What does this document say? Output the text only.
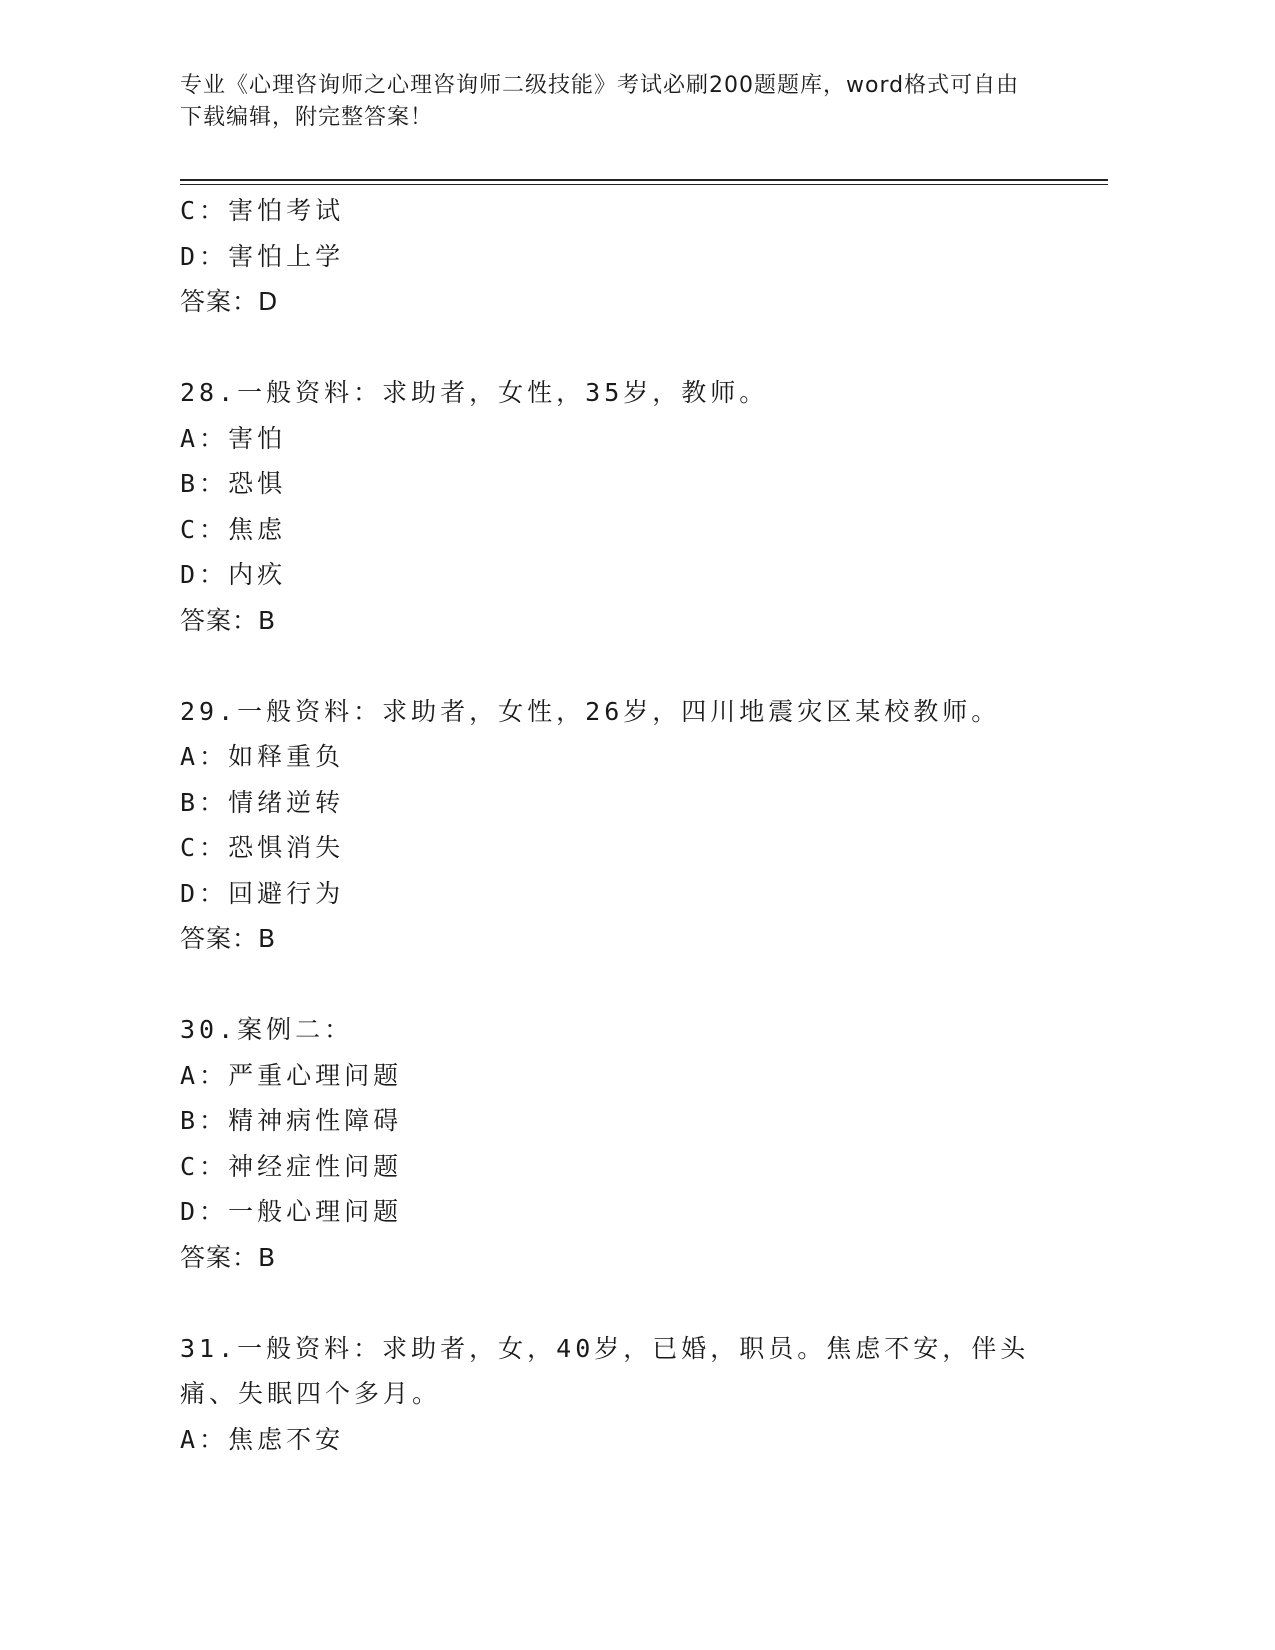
专业《心理咨询师之心理咨询师二级技能》考试必刷200题题库，word格式可自由下载编辑，附完整答案！
C：害怕考试
D：害怕上学
答案：D
28.一般资料：求助者，女性，35岁，教师。
A：害怕
B：恐惧
C：焦虑
D：内疚
答案：B
29.一般资料：求助者，女性，26岁，四川地震灾区某校教师。
A：如释重负
B：情绪逆转
C：恐惧消失
D：回避行为
答案：B
30.案例二：
A：严重心理问题
B：精神病性障碍
C：神经症性问题
D：一般心理问题
答案：B
31.一般资料：求助者，女，40岁，已婚，职员。焦虑不安，伴头痛、失眠四个多月。
A：焦虑不安
